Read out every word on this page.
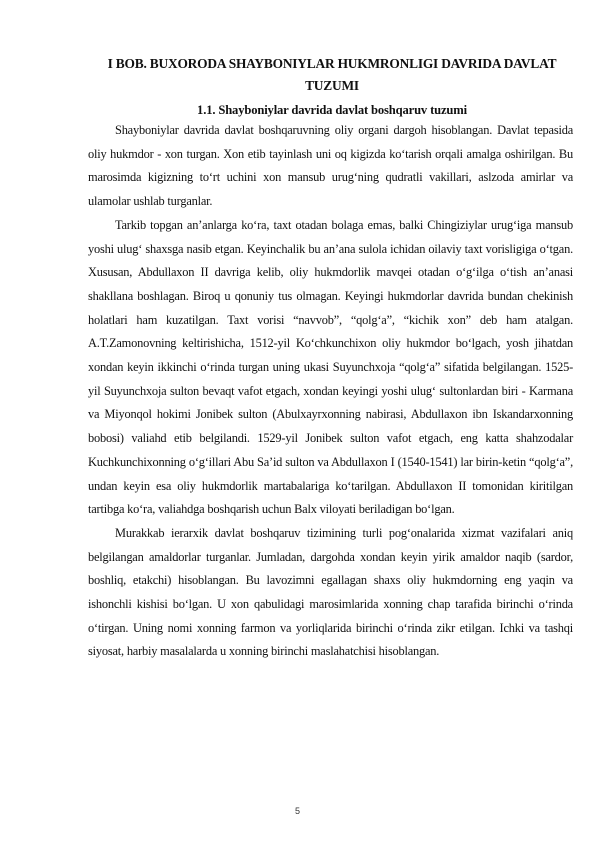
I BOB. BUXORODA SHAYBONIYLAR HUKMRONLIGI DAVRIDA DAVLAT TUZUMI
1.1. Shayboniylar davrida davlat boshqaruv tuzumi

Shayboniylar davrida davlat boshqaruvning oliy organi dargoh hisoblangan. Davlat tepasida oliy hukmdor - xon turgan. Xon etib tayinlash uni oq kigizda ko‘tarish orqali amalga oshirilgan. Bu marosimda kigizning to‘rt uchini xon mansub urug‘ning qudratli vakillari, aslzoda amirlar va ulamolar ushlab turganlar.

Tarkib topgan an’anlarga ko‘ra, taxt otadan bolaga emas, balki Chingiziylar urug‘iga mansub yoshi ulug‘ shaxsga nasib etgan. Keyinchalik bu an’ana sulola ichidan oilaviy taxt vorisligiga o‘tgan. Xususan, Abdullaxon II davriga kelib, oliy hukmdorlik mavqei otadan o‘g‘ilga o‘tish an’anasi shakllana boshlagan. Biroq u qonuniy tus olmagan. Keyingi hukmdorlar davrida bundan chekinish holatlari ham kuzatilgan. Taxt vorisi “navvob”, “qolg‘a”, “kichik xon” deb ham atalgan. A.T.Zamonovning keltirishicha, 1512-yil Ko‘chkunchixon oliy hukmdor bo‘lgach, yosh jihatdan xondan keyin ikkinchi o‘rinda turgan uning ukasi Suyunchxoja “qolg‘a” sifatida belgilangan. 1525-yil Suyunchxoja sulton bevaqt vafot etgach, xondan keyingi yoshi ulug‘ sultonlardan biri - Karmana va Miyonqol hokimi Jonibek sulton (Abulxayrxonning nabirasi, Abdullaxon ibn Iskandarxonning bobosi) valiahd etib belgilandi. 1529-yil Jonibek sulton vafot etgach, eng katta shahzodalar Kuchkunchixonning o‘g‘illari Abu Sa’id sulton va Abdullaxon I (1540-1541) lar birin-ketin “qolg‘a”, undan keyin esa oliy hukmdorlik martabalariga ko‘tarilgan. Abdullaxon II tomonidan kiritilgan tartibga ko‘ra, valiahdga boshqarish uchun Balx viloyati beriladigan bo‘lgan.

Murakkab ierarxik davlat boshqaruv tizimining turli pog‘onalarida xizmat vazifalari aniq belgilangan amaldorlar turganlar. Jumladan, dargohda xondan keyin yirik amaldor naqib (sardor, boshliq, etakchi) hisoblangan. Bu lavozimni egallagan shaxs oliy hukmdorning eng yaqin va ishonchli kishisi bo‘lgan. U xon qabulidagi marosimlarida xonning chap tarafida birinchi o‘rinda o‘tirgan. Uning nomi xonning farmon va yorliqlarida birinchi o‘rinda zikr etilgan. Ichki va tashqi siyosat, harbiy masalalarda u xonning birinchi maslahatchisi hisoblangan.

5
